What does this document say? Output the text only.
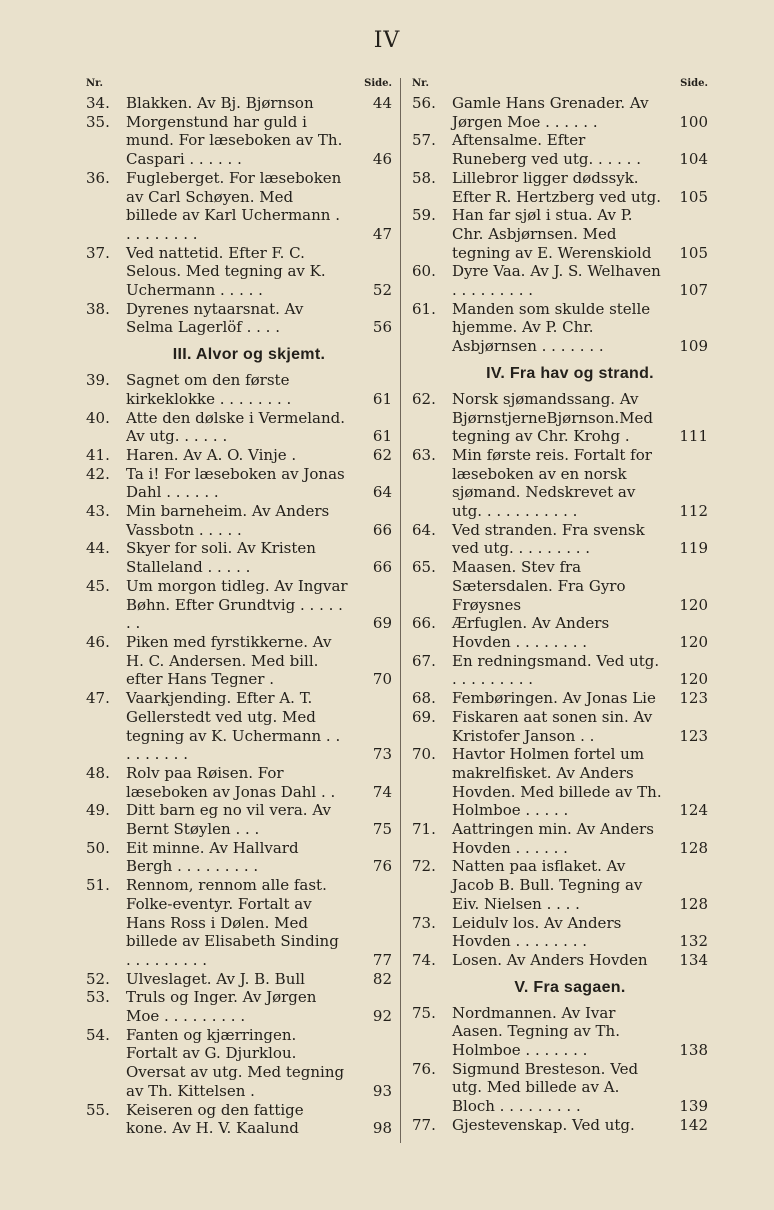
IV
Nr.	Side.
34.	Blakken. Av Bj. Bjørnson	44
35.	Morgenstund har guld i mund. For læseboken av Th. Caspari . . . . . .	46
36.	Fugleberget. For læseboken av Carl Schøyen. Med billede av Karl Uchermann . . . . . . . . .	47
37.	Ved nattetid. Efter F. C. Selous. Med tegning av K. Uchermann . . . . .	52
38.	Dyrenes nytaarsnat. Av Selma Lagerlöf . . . .	56
III. Alvor og skjemt.
39.	Sagnet om den første kirkeklokke . . . . . . . .	61
40.	Atte den dølske i Vermeland. Av utg. . . . . .	61
41.	Haren. Av A. O. Vinje .	62
42.	Ta i! For læseboken av Jonas Dahl . . . . . .	64
43.	Min barneheim. Av Anders Vassbotn . . . . .	66
44.	Skyer for soli. Av Kristen Stalleland . . . . .	66
45.	Um morgon tidleg. Av Ingvar Bøhn. Efter Grundtvig . . . . . . .	69
46.	Piken med fyrstikkerne. Av H. C. Andersen. Med bill. efter Hans Tegner .	70
47.	Vaarkjending. Efter A. T. Gellerstedt ved utg. Med tegning av K. Uchermann . . . . . . . . .	73
48.	Rolv paa Røisen. For læseboken av Jonas Dahl . .	74
49.	Ditt barn eg no vil vera. Av Bernt Støylen . . .	75
50.	Eit minne. Av Hallvard Bergh . . . . . . . . .	76
51.	Rennom, rennom alle fast. Folke-eventyr. Fortalt av Hans Ross i Dølen. Med billede av Elisabeth Sinding . . . . . . . . .	77
52.	Ulveslaget. Av J. B. Bull	82
53.	Truls og Inger. Av Jørgen Moe . . . . . . . . .	92
54.	Fanten og kjærringen. Fortalt av G. Djurklou. Oversat av utg. Med tegning av Th. Kittelsen .	93
55.	Keiseren og den fattige kone. Av H. V. Kaalund	98
Nr.	Side.
56.	Gamle Hans Grenader. Av Jørgen Moe . . . . . .	100
57.	Aftensalme. Efter Runeberg ved utg. . . . . .	104
58.	Lillebror ligger dødssyk. Efter R. Hertzberg ved utg.	105
59.	Han far sjøl i stua. Av P. Chr. Asbjørnsen. Med tegning av E. Werenskiold	105
60.	Dyre Vaa. Av J. S. Welhaven . . . . . . . . .	107
61.	Manden som skulde stelle hjemme. Av P. Chr. Asbjørnsen . . . . . . .	109
IV. Fra hav og strand.
62.	Norsk sjømandssang. Av BjørnstjerneBjørnson.Med tegning av Chr. Krohg .	111
63.	Min første reis. Fortalt for læseboken av en norsk sjømand. Nedskrevet av utg. . . . . . . . . . .	112
64.	Ved stranden. Fra svensk ved utg. . . . . . . . .	119
65.	Maasen. Stev fra Sætersdalen. Fra Gyro Frøysnes	120
66.	Ærfuglen. Av Anders Hovden . . . . . . . .	120
67.	En redningsmand. Ved utg. . . . . . . . . .	120
68.	Fembøringen. Av Jonas Lie	123
69.	Fiskaren aat sonen sin. Av Kristofer Janson . .	123
70.	Havtor Holmen fortel um makrelfisket. Av Anders Hovden. Med billede av Th. Holmboe . . . . .	124
71.	Aattringen min. Av Anders Hovden . . . . . .	128
72.	Natten paa isflaket. Av Jacob B. Bull. Tegning av Eiv. Nielsen . . . .	128
73.	Leidulv los. Av Anders Hovden . . . . . . . .	132
74.	Losen. Av Anders Hovden	134
V. Fra sagaen.
75.	Nordmannen. Av Ivar Aasen. Tegning av Th. Holmboe . . . . . . .	138
76.	Sigmund Bresteson. Ved utg. Med billede av A. Bloch . . . . . . . . .	139
77.	Gjestevenskap. Ved utg.	142
